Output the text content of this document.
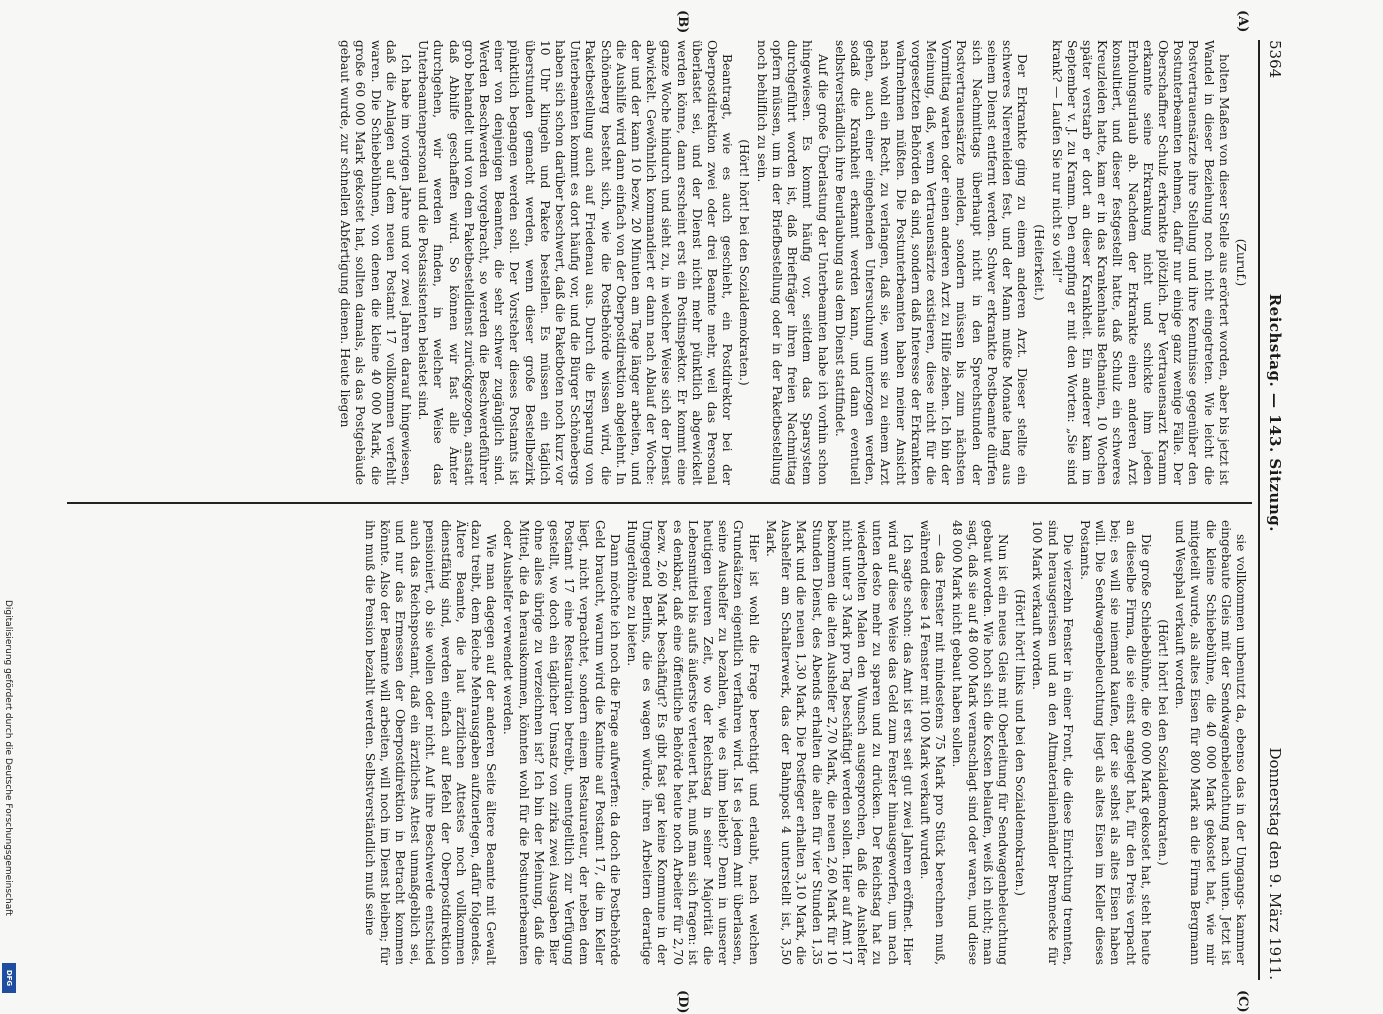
5364
Reichstag. — 143. Sitzung.
Donnerstag den 9. März 1911.

(Zuruf.)

holten Maßen von dieser Stelle aus erörtert worden, aber bis jetzt ist Wandel in dieser Beziehung noch nicht eingetreten. Wie leicht die Postvertrauensärzte ihre Stellung und ihre Kenntnisse gegenüber den Postunterbeamten nehmen, dafür nur einige ganz wenige Fälle. Der Oberschaffner Schulz erkrankte plötzlich. Der Vertrauensarzt Kramm erkannte seine Erkrankung nicht und schickte ihm jeden Erholungsurlaub ab. Nachdem der Erkrankte einen anderen Arzt konsultiert, und dieser festgestellt hatte, daß Schulz ein schweres Kreuzleiden hatte, kam er in das Krankenhaus Bethanien, 10 Wochen später verstarb er dort an dieser Krankheit. Ein anderer kam im September v. J. zu Kramm. Den empfing er mit den Worten: „Sie sind krank? — Laufen Sie nur nicht so viel!“

(Heiterkeit.)

Der Erkrankte ging zu einem anderen Arzt. Dieser stellte ein schweres Nierenleiden fest, und der Mann mußte Monate lang aus seinem Dienst entfernt werden. Schwer erkrankte Postbeamte dürfen sich Nachmittags überhaupt nicht in den Sprechstunden der Postvertrauensärzte melden, sondern müssen bis zum nächsten Vormittag warten oder einen anderen Arzt zu Hilfe ziehen. Ich bin der Meinung, daß, wenn Vertrauensärzte existieren, diese nicht für die vorgesetzten Behörden da sind, sondern daß Interesse der Erkrankten wahrnehmen müßten. Die Postunterbeamten haben meiner Ansicht nach wohl ein Recht, zu verlangen, daß sie, wenn sie zu einem Arzt gehen, auch einer eingehenden Untersuchung unterzogen werden, sodaß die Krankheit erkannt werden kann, und dann eventuell selbstverständlich ihre Beurlaubung aus dem Dienst stattfindet.

Auf die große Überlastung der Unterbeamten habe ich vorhin schon hingewiesen. Es kommt häufig vor, seitdem das Sparsystem durchgeführt worden ist, daß Briefträger ihren freien Nachmittag opfern müssen, um in der Briefbestellung oder in der Paketbestellung noch behilflich zu sein.

(Hört! hört! bei den Sozialdemokraten.)

Beantragt, wie es auch geschieht, ein Postdirektor bei der Oberpostdirektion zwei oder drei Beamte mehr, weil das Personal überlastet sei, und der Dienst nicht mehr pünktlich abgewickelt werden könne, dann erscheint erst ein Postinspektor. Er kommt eine ganze Woche hindurch und sieht zu, in welcher Weise sich der Dienst abwickelt. Gewöhnlich kommandiert er dann nach Ablauf der Woche: der und der kann 10 bezw. 20 Minuten am Tage länger arbeiten, und die Aushilfe wird dann einfach von der Oberpostdirektion abgelehnt. In Schöneberg besteht sich, wie die Postbehörde wissen wird, die Paketbestellung auch auf Friedenau aus. Durch die Ersparung von Unterbeamten kommt es dort häufig vor, und die Bürger Schönebergs haben sich schon darüber beschwert, daß die Paketboten noch kurz vor 10 Uhr klingeln und Pakete bestellen. Es müssen ein täglich überstunden gemacht werden, wenn dieser große Bestellbezirk pünktlich begangen werden soll. Der Vorsteher dieses Postamts ist einer von denjenigen Beamten, die sehr schwer zugänglich sind. Werden Beschwerden vorgebracht, so werden die Beschwerdeführer grob behandelt und von dem Paketbestelldienst zurückgezogen, anstatt daß Abhilfe geschaffen wird. So können wir fast alle Ämter durchgehen, wir werden finden, in welcher Weise das Unterbeamtenpersonal und die Postassistenten belastet sind.

Ich habe im vorigen Jahre und vor zwei Jahren darauf hingewiesen, daß die Anlagen auf dem neuen Postamt 17 vollkommen verfehlt waren. Die Schiebebühnen, von denen die kleine 40 000 Mark, die große 60 000 Mark gekostet hat, sollten damals, als das Postgebäude gebaut wurde, zur schnellen Abfertigung dienen. Heute liegen

sie vollkommen unbenutzt da, ebenso das in der Umgangs- kammer eingebaute Gleis mit der Sendwagenbeleuchtung nach unten. Jetzt ist die kleine Schiebebühne, die 40 000 Mark gekostet hat, wie mir mitgeteilt wurde, als altes Eisen für 800 Mark an die Firma Bergmann und Wesphal verkauft worden.

(Hört! hört! bei den Sozialdemokraten.)

Die große Schiebebühne, die 60 000 Mark gekostet hat, steht heute an dieselbe Firma, die sie einst angelegt hat, für den Preis verpacht bei; es will sie niemand kaufen, der sie selbst als altes Eisen haben will. Die Sendwagenbeleuchtung liegt als altes Eisen im Keller dieses Postamts.

Die vierzehn Fenster in einer Front, die diese Einrichtung trennten, sind herausgerissen und an den Altmaterialienhändler Brennecke für 100 Mark verkauft worden.

(Hört! hört! links und bei den Sozialdemokraten.)

Nun ist ein neues Gleis mit Oberleitung für Sendwagenbeleuchtung gebaut worden. Wie hoch sich die Kosten belaufen, weiß ich nicht; man sagt, daß sie auf 48 000 Mark veranschlagt sind oder waren, und diese 48 000 Mark nicht gebaut haben sollen.

— das Fenster mit mindestens 75 Mark pro Stück berechnen muß, während diese 14 Fenster mit 100 Mark verkauft wurden.

Ich sagte schon: das Amt ist erst seit gut zwei Jahren eröffnet. Hier wird auf diese Weise das Geld zum Fenster hinausgeworfen, um nach unten desto mehr zu sparen und zu drücken. Der Reichstag hat zu wiederholten Malen den Wunsch ausgesprochen, daß die Aushelfer nicht unter 3 Mark pro Tag beschäftigt werden sollen. Hier auf Amt 17 bekommen die alten Aushelfer 2,70 Mark, die neuen 2,60 Mark für 10 Stunden Dienst, des Abends erhalten die alten für vier Stunden 1,35 Mark und die neuen 1,30 Mark. Die Postfeger erhalten 3,10 Mark, die Aushelfer am Schalterwerk, das der Bahnpost 4 unterstellt ist, 3,50 Mark.

Hier ist wohl die Frage berechtigt und erlaubt, nach welchen Grundsätzen eigentlich verfahren wird. Ist es jedem Amt überlassen, seine Aushelfer zu bezahlen, wie es ihm beliebt? Denn in unserer heutigen teuren Zeit, wo der Reichstag in seiner Majorität die Lebensmittel bis aufs äußerste verteuert hat, muß man sich fragen: ist es denkbar, daß eine öffentliche Behörde heute noch Arbeiter für 2,70 bezw. 2,60 Mark beschäftigt? Es gibt fast gar keine Kommune in der Umgegend Berlins, die es wagen würde, ihren Arbeitern derartige Hungerlöhne zu bieten.

Dann möchte ich noch die Frage aufwerfen: da doch die Postbehörde Geld braucht, warum wird die Kantine auf Postamt 17, die im Keller liegt, nicht verpachtet, sondern einem Restaurateur, der neben dem Postamt 17 eine Restauration betreibt, unentgeltlich zur Verfügung gestellt, wo doch ein täglicher Umsatz von zirka zwei Ausgaben Bier ohne alles übrige zu verzeichnen ist? Ich bin der Meinung, daß die Mittel, die da herauskommen, könnten wohl für die Postunterbeamten oder Aushelfer verwendet werden.

Wie man dagegen auf der anderen Seite ältere Beamte mit Gewalt dazu treibt, dem Reiche Mehrausgaben aufzuerlegen, dafür folgendes. Ältere Beamte, die laut ärztlichen Attestes noch vollkommen dienstfähig sind, werden einfach auf Befehl der Oberpostdirektion pensioniert, ob sie wollen oder nicht. Auf ihre Beschwerde entschied auch das Reichspostamt, daß ein ärztliches Attest unmaßgeblich sei, und nur das Ermessen der Oberpostdirektion in Betracht kommen könnte. Also der Beamte will arbeiten, will noch im Dienst bleiben; für ihn muß die Pension bezahlt werden. Selbstverständlich muß seine

(A)
(B)
(C)
(D)
Digitalisierung gefördert durch die Deutsche Forschungsgemeinschaft
DFG
